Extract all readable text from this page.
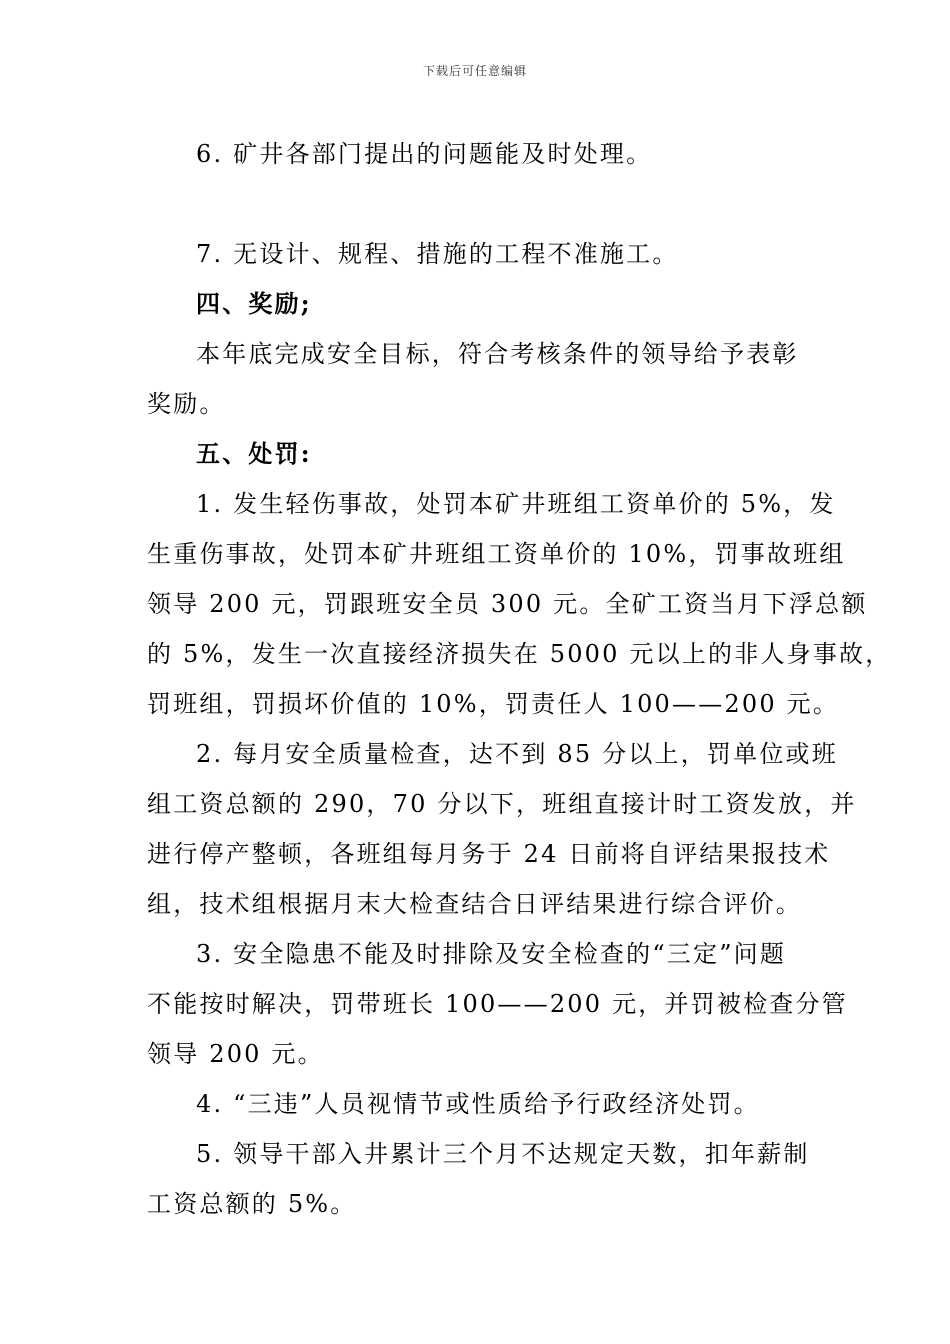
下载后可任意编辑

6. 矿井各部门提出的问题能及时处理。

7. 无设计、规程、措施的工程不准施工。

四、奖励;

本年底完成安全目标，符合考核条件的领导给予表彰

奖励。

五、处罚:

1. 发生轻伤事故，处罚本矿井班组工资单价的 5%，发

生重伤事故，处罚本矿井班组工资单价的 10%，罚事故班组

领导 200 元，罚跟班安全员 300 元。全矿工资当月下浮总额

的 5%，发生一次直接经济损失在 5000 元以上的非人身事故，

罚班组，罚损坏价值的 10%，罚责任人 100——200 元。

2. 每月安全质量检查，达不到 85 分以上，罚单位或班

组工资总额的 290，70 分以下，班组直接计时工资发放，并

进行停产整顿，各班组每月务于 24 日前将自评结果报技术

组，技术组根据月末大检查结合日评结果进行综合评价。

3. 安全隐患不能及时排除及安全检查的“三定”问题

不能按时解决，罚带班长 100——200 元，并罚被检查分管

领导 200 元。

4. “三违”人员视情节或性质给予行政经济处罚。

5. 领导干部入井累计三个月不达规定天数，扣年薪制

工资总额的 5%。
